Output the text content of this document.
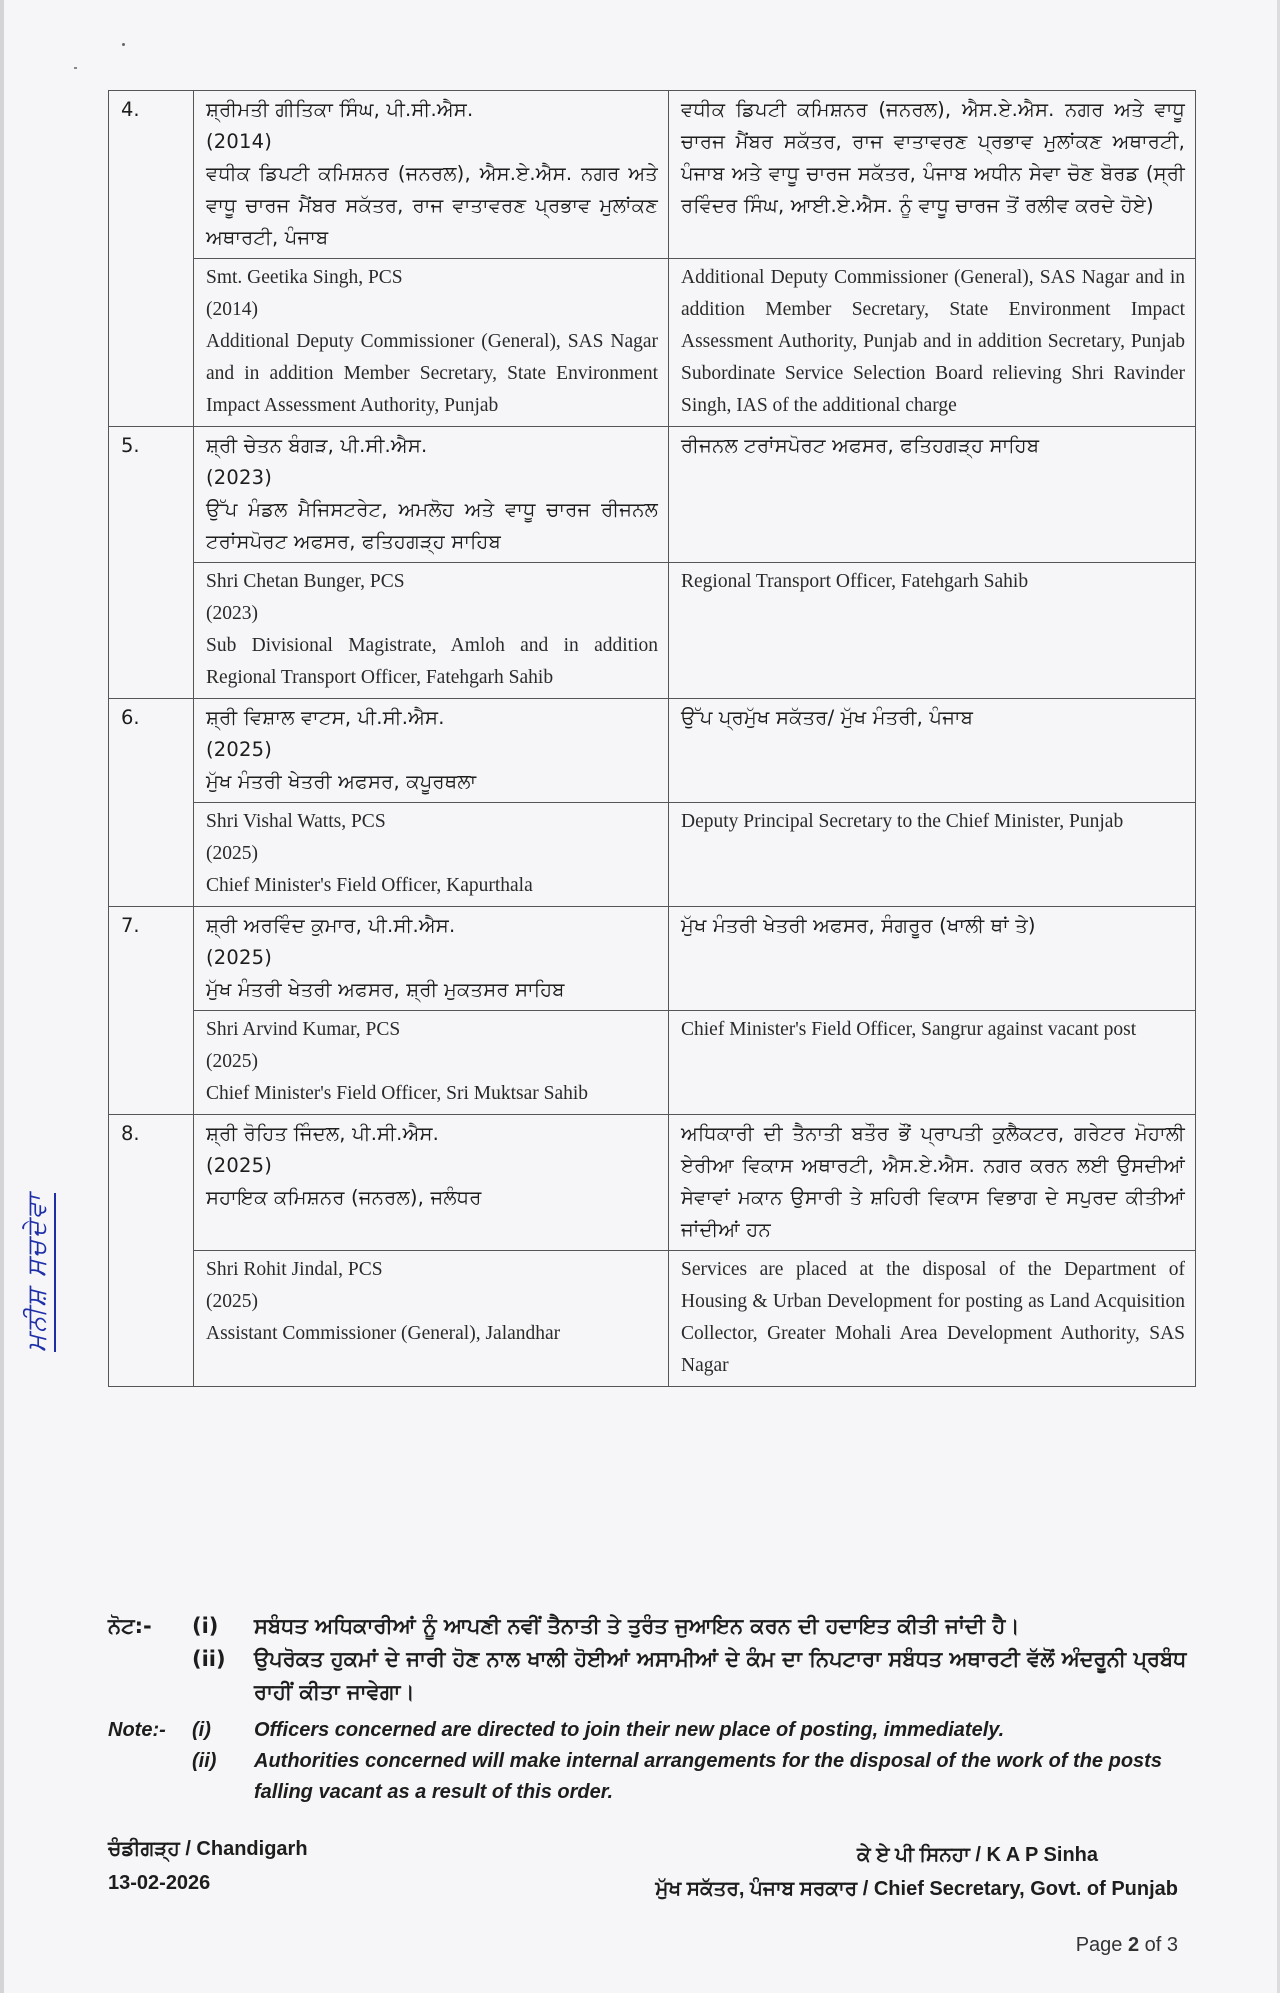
4.	ਸ਼੍ਰੀਮਤੀ ਗੀਤਿਕਾ ਸਿੰਘ, ਪੀ.ਸੀ.ਐਸ.
(2014)
ਵਧੀਕ ਡਿਪਟੀ ਕਮਿਸ਼ਨਰ (ਜਨਰਲ), ਐਸ.ਏ.ਐਸ. ਨਗਰ ਅਤੇ ਵਾਧੂ ਚਾਰਜ ਮੈਂਬਰ ਸਕੱਤਰ, ਰਾਜ ਵਾਤਾਵਰਣ ਪ੍ਰਭਾਵ ਮੁਲਾਂਕਣ ਅਥਾਰਟੀ, ਪੰਜਾਬ
	ਵਧੀਕ ਡਿਪਟੀ ਕਮਿਸ਼ਨਰ (ਜਨਰਲ), ਐਸ.ਏ.ਐਸ. ਨਗਰ ਅਤੇ ਵਾਧੂ ਚਾਰਜ ਮੈਂਬਰ ਸਕੱਤਰ, ਰਾਜ ਵਾਤਾਵਰਣ ਪ੍ਰਭਾਵ ਮੁਲਾਂਕਣ ਅਥਾਰਟੀ, ਪੰਜਾਬ ਅਤੇ ਵਾਧੂ ਚਾਰਜ ਸਕੱਤਰ, ਪੰਜਾਬ ਅਧੀਨ ਸੇਵਾ ਚੋਣ ਬੋਰਡ (ਸ੍ਰੀ ਰਵਿੰਦਰ ਸਿੰਘ, ਆਈ.ਏ.ਐਸ. ਨੂੰ ਵਾਧੂ ਚਾਰਜ ਤੋਂ ਰਲੀਵ ਕਰਦੇ ਹੋਏ)

Smt. Geetika Singh, PCS
(2014)
Additional Deputy Commissioner (General), SAS Nagar and in addition Member Secretary, State Environment Impact Assessment Authority, Punjab
	Additional Deputy Commissioner (General), SAS Nagar and in addition Member Secretary, State Environment Impact Assessment Authority, Punjab and in addition Secretary, Punjab Subordinate Service Selection Board relieving Shri Ravinder Singh, IAS of the additional charge
5.	ਸ਼੍ਰੀ ਚੇਤਨ ਬੰਗੜ, ਪੀ.ਸੀ.ਐਸ.
(2023)
ਉੱਪ ਮੰਡਲ ਮੈਜਿਸਟਰੇਟ, ਅਮਲੋਹ ਅਤੇ ਵਾਧੂ ਚਾਰਜ ਰੀਜਨਲ ਟਰਾਂਸਪੋਰਟ ਅਫਸਰ, ਫਤਿਹਗੜ੍ਹ ਸਾਹਿਬ	ਰੀਜਨਲ ਟਰਾਂਸਪੋਰਟ ਅਫਸਰ, ਫਤਿਹਗੜ੍ਹ ਸਾਹਿਬ

	Shri Chetan Bunger, PCS
(2023)
Sub Divisional Magistrate, Amloh and in addition Regional Transport Officer, Fatehgarh Sahib	Regional Transport Officer, Fatehgarh Sahib
6.	ਸ਼੍ਰੀ ਵਿਸ਼ਾਲ ਵਾਟਸ, ਪੀ.ਸੀ.ਐਸ.
(2025)
ਮੁੱਖ ਮੰਤਰੀ ਖੇਤਰੀ ਅਫਸਰ, ਕਪੂਰਥਲਾ	ਉੱਪ ਪ੍ਰਮੁੱਖ ਸਕੱਤਰ/ ਮੁੱਖ ਮੰਤਰੀ, ਪੰਜਾਬ

	Shri Vishal Watts, PCS
(2025)
Chief Minister's Field Officer, Kapurthala	Deputy Principal Secretary to the Chief Minister, Punjab
7.	ਸ਼੍ਰੀ ਅਰਵਿੰਦ ਕੁਮਾਰ, ਪੀ.ਸੀ.ਐਸ.
(2025)
ਮੁੱਖ ਮੰਤਰੀ ਖੇਤਰੀ ਅਫਸਰ, ਸ਼੍ਰੀ ਮੁਕਤਸਰ ਸਾਹਿਬ	ਮੁੱਖ ਮੰਤਰੀ ਖੇਤਰੀ ਅਫਸਰ, ਸੰਗਰੂਰ (ਖਾਲੀ ਥਾਂ ਤੇ)

	Shri Arvind Kumar, PCS
(2025)
Chief Minister's Field Officer, Sri Muktsar Sahib	Chief Minister's Field Officer, Sangrur against vacant post
8.	ਸ਼੍ਰੀ ਰੋਹਿਤ ਜਿੰਦਲ, ਪੀ.ਸੀ.ਐਸ.
(2025)
ਸਹਾਇਕ ਕਮਿਸ਼ਨਰ (ਜਨਰਲ), ਜਲੰਧਰ	ਅਧਿਕਾਰੀ ਦੀ ਤੈਨਾਤੀ ਬਤੌਰ ਭੌਂ ਪ੍ਰਾਪਤੀ ਕੁਲੈਕਟਰ, ਗਰੇਟਰ ਮੋਹਾਲੀ ਏਰੀਆ ਵਿਕਾਸ ਅਥਾਰਟੀ, ਐਸ.ਏ.ਐਸ. ਨਗਰ ਕਰਨ ਲਈ ਉਸਦੀਆਂ ਸੇਵਾਵਾਂ ਮਕਾਨ ਉਸਾਰੀ ਤੇ ਸ਼ਹਿਰੀ ਵਿਕਾਸ ਵਿਭਾਗ ਦੇ ਸਪੁਰਦ ਕੀਤੀਆਂ ਜਾਂਦੀਆਂ ਹਨ

	Shri Rohit Jindal, PCS
(2025)
Assistant Commissioner (General), Jalandhar	Services are placed at the disposal of the Department of Housing & Urban Development for posting as Land Acquisition Collector, Greater Mohali Area Development Authority, SAS Nagar
ਨੋਟ:-	(i)	ਸਬੰਧਤ ਅਧਿਕਾਰੀਆਂ ਨੂੰ ਆਪਣੀ ਨਵੀਂ ਤੈਨਾਤੀ ਤੇ ਤੁਰੰਤ ਜੁਆਇਨ ਕਰਨ ਦੀ ਹਦਾਇਤ ਕੀਤੀ ਜਾਂਦੀ ਹੈ।
(ii)	ਉਪਰੋਕਤ ਹੁਕਮਾਂ ਦੇ ਜਾਰੀ ਹੋਣ ਨਾਲ ਖਾਲੀ ਹੋਈਆਂ ਅਸਾਮੀਆਂ ਦੇ ਕੰਮ ਦਾ ਨਿਪਟਾਰਾ ਸਬੰਧਤ ਅਥਾਰਟੀ ਵੱਲੋਂ ਅੰਦਰੂਨੀ ਪ੍ਰਬੰਧ ਰਾਹੀਂ ਕੀਤਾ ਜਾਵੇਗਾ।
Note:-	(i)	Officers concerned are directed to join their new place of posting, immediately.
(ii)	Authorities concerned will make internal arrangements for the disposal of the work of the posts falling vacant as a result of this order.
ਚੰਡੀਗੜ੍ਹ / Chandigarh
13-02-2026
ਕੇ ਏ ਪੀ ਸਿਨਹਾ / K A P Sinha
ਮੁੱਖ ਸਕੱਤਰ, ਪੰਜਾਬ ਸਰਕਾਰ / Chief Secretary, Govt. of Punjab
Page 2 of 3
ਮਨੀਸ਼ ਸਚਦੇਵਾ
